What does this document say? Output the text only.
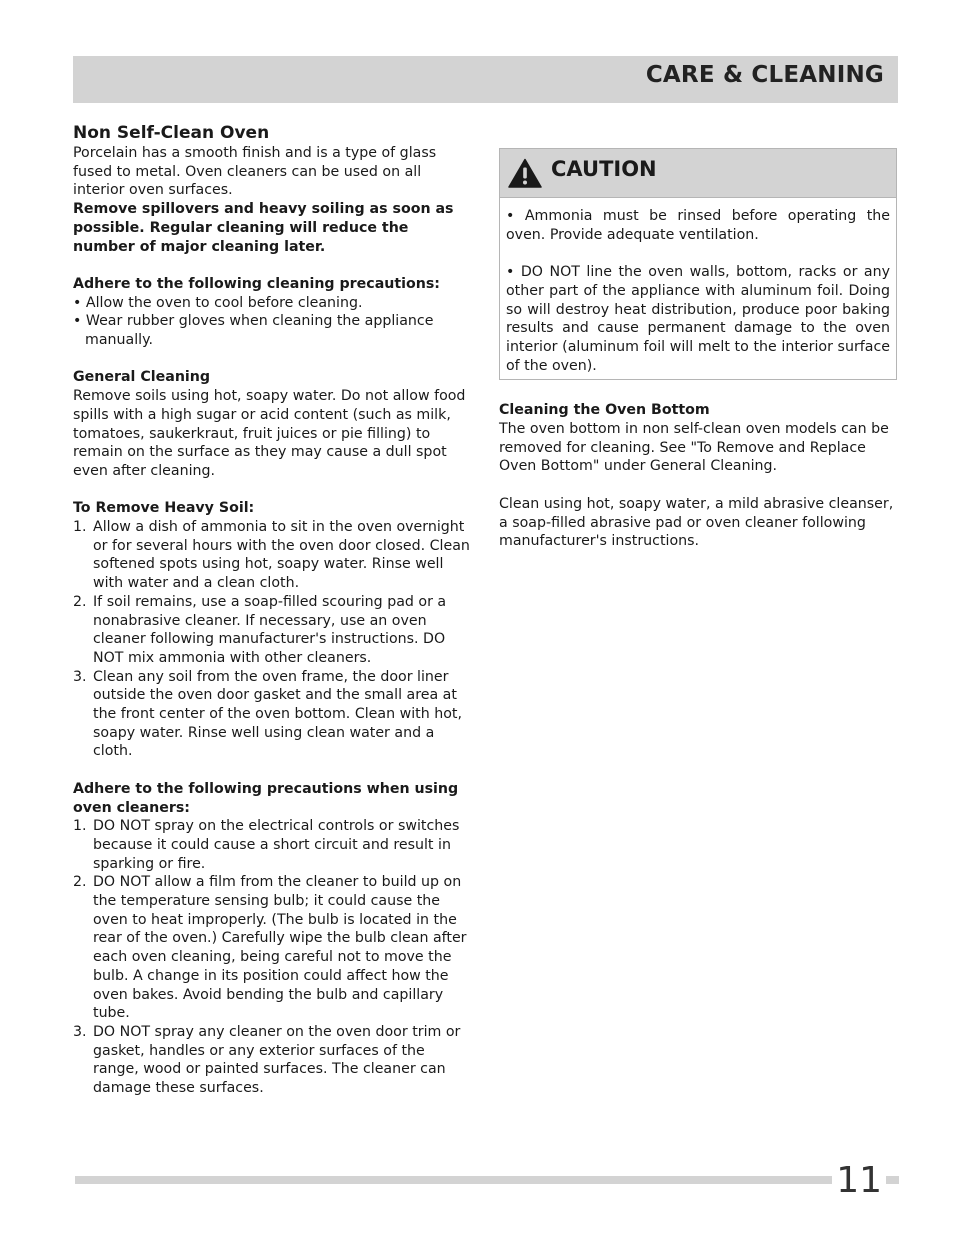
CARE & CLEANING
Non Self-Clean Oven

Porcelain has a smooth finish and is a type of glass fused to metal. Oven cleaners can be used on all interior oven surfaces.

Remove spillovers and heavy soiling as soon as possible. Regular cleaning will reduce the number of major cleaning later.

Adhere to the following cleaning precautions:

• Allow the oven to cool before cleaning.

• Wear rubber gloves when cleaning the appliance manually.

General Cleaning

Remove soils using hot, soapy water. Do not allow food spills with a high sugar or acid content (such as milk, tomatoes, saukerkraut, fruit juices or pie filling) to remain on the surface as they may cause a dull spot even after cleaning.

To Remove Heavy Soil:

1. Allow a dish of ammonia to sit in the oven overnight or for several hours with the oven door closed. Clean softened spots using hot, soapy water. Rinse well with water and a clean cloth.
2. If soil remains, use a soap-filled scouring pad or a nonabrasive cleaner. If necessary, use an oven cleaner following manufacturer's instructions. DO NOT mix ammonia with other cleaners.
3. Clean any soil from the oven frame, the door liner outside the oven door gasket and the small area at the front center of the oven bottom. Clean with hot, soapy water. Rinse well using clean water and a cloth.

Adhere to the following precautions when using oven cleaners:

1. DO NOT spray on the electrical controls or switches because it could cause a short circuit and result in sparking or fire.
2. DO NOT allow a film from the cleaner to build up on the temperature sensing bulb; it could cause the oven to heat improperly. (The bulb is located in the rear of the oven.) Carefully wipe the bulb clean after each oven cleaning, being careful not to move the bulb. A change in its position could affect how the oven bakes. Avoid bending the bulb and capillary tube.
3. DO NOT spray any cleaner on the oven door trim or gasket, handles or any exterior surfaces of the range, wood or painted surfaces. The cleaner can damage these surfaces.
CAUTION

• Ammonia must be rinsed before operating the oven. Provide adequate ventilation.

• DO NOT line the oven walls, bottom, racks or any other part of the appliance with aluminum foil. Doing so will destroy heat distribution, produce poor baking results and cause permanent damage to the oven interior (aluminum foil will melt to the interior surface of the oven).

Cleaning the Oven Bottom

The oven bottom in non self-clean oven models can be removed for cleaning. See "To Remove and Replace Oven Bottom" under General Cleaning.

Clean using hot, soapy water, a mild abrasive cleanser, a soap-filled abrasive pad or oven cleaner following manufacturer's instructions.

11
